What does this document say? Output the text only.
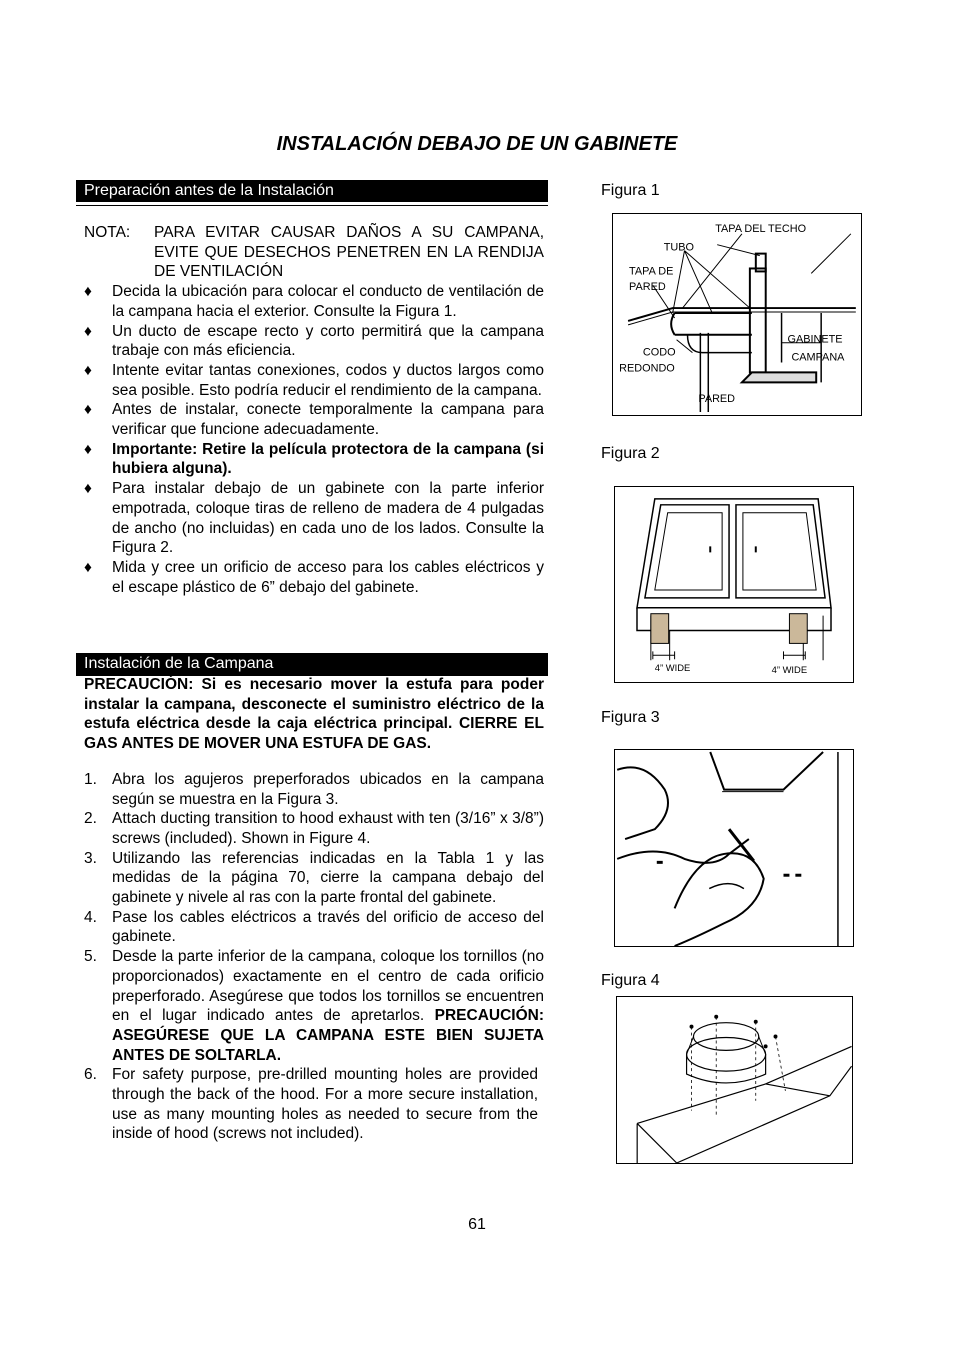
INSTALACIÓN DEBAJO DE UN GABINETE
Preparación antes de la Instalación
NOTA:	PARA EVITAR CAUSAR DAÑOS A SU CAMPANA, EVITE QUE DESECHOS PENETREN EN LA RENDIJA DE VENTILACIÓN
♦	Decida la ubicación para colocar el conducto de ventilación de la campana hacia el exterior. Consulte la Figura 1.
♦	Un ducto de escape recto y corto permitirá que la campana trabaje con más eficiencia.
♦	Intente evitar tantas conexiones, codos y ductos largos como sea posible. Esto podría reducir el rendimiento de la campana.
♦	Antes de instalar, conecte temporalmente la campana para verificar que funcione adecuadamente.
♦	Importante: Retire la película protectora de la campana (si hubiera alguna).
♦	Para instalar debajo de un gabinete con la parte inferior empotrada, coloque tiras de relleno de madera de 4 pulgadas de ancho (no incluidas) en cada uno de los lados. Consulte la Figura 2.
♦	Mida y cree un orificio de acceso para los cables eléctricos y el escape plástico de 6” debajo del gabinete.
Instalación de la Campana
PRECAUCIÓN: Si es necesario mover la estufa para poder instalar la campana, desconecte el suministro eléctrico de la estufa eléctrica desde la caja eléctrica principal. CIERRE EL GAS ANTES DE MOVER UNA ESTUFA DE GAS.
1. Abra los agujeros preperforados ubicados en la campana según se muestra en la Figura 3.
2. Attach ducting transition to hood exhaust with ten (3/16” x 3/8”) screws (included). Shown in Figure 4.
3. Utilizando las referencias indicadas en la Tabla 1 y las medidas de la página 70, cierre la campana debajo del gabinete y nivele al ras con la parte frontal del gabinete.
4. Pase los cables eléctricos a través del orificio de acceso del gabinete.
5. Desde la parte inferior de la campana, coloque los tornillos (no proporcionados) exactamente en el centro de cada orificio preperforado. Asegúrese que todos los tornillos se encuentren en el lugar indicado antes de apretarlos. PRECAUCIÓN: ASEGÚRESE QUE LA CAMPANA ESTE BIEN SUJETA ANTES DE SOLTARLA.
6. For safety purpose, pre-drilled mounting holes are provided through the back of the hood. For a more secure installation, use as many mounting holes as needed to secure from the inside of hood (screws not included).
Figura 1
TAPA DEL TECHO
TUBO
TAPA DE
PARED
GABINETE
CAMPANA
CODO
REDONDO
PARED
Figura 2
4” WIDE	4” WIDE
Figura 3
Figura 4
61
